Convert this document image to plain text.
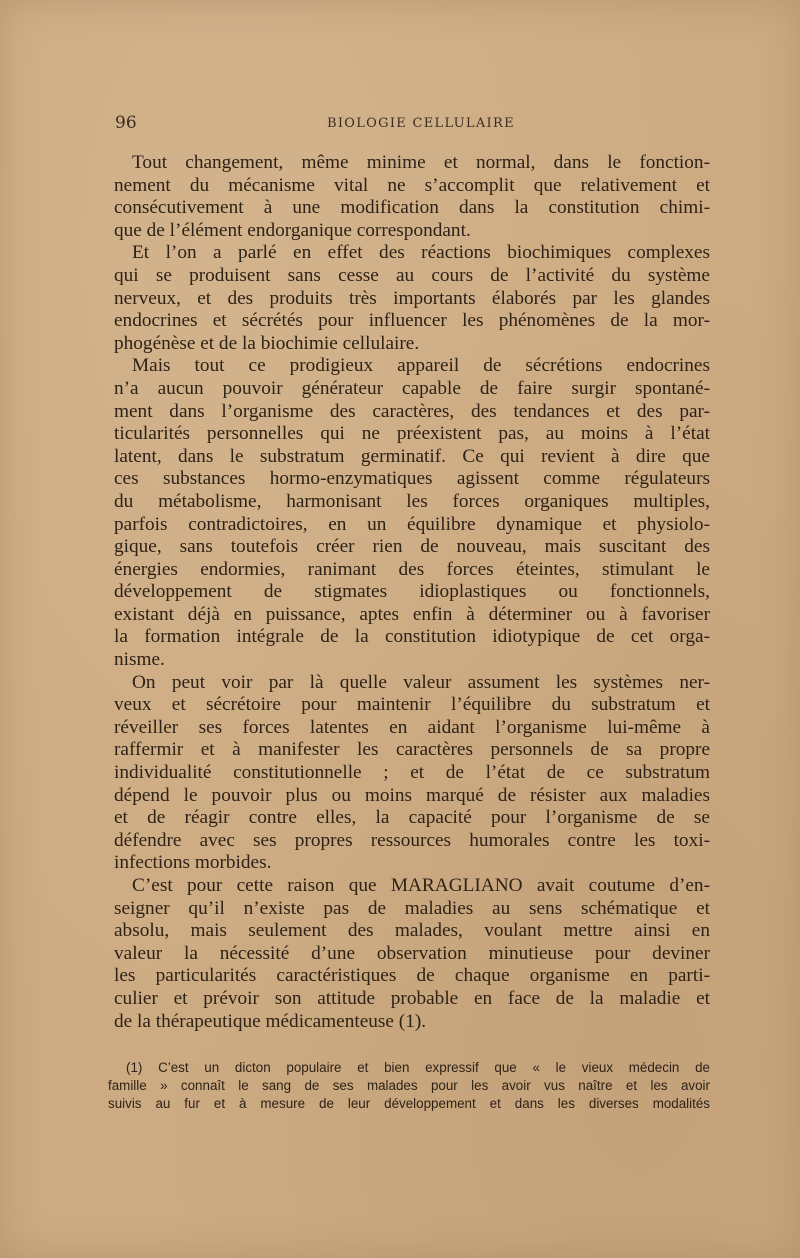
96	BIOLOGIE CELLULAIRE
Tout changement, même minime et normal, dans le fonction-
nement du mécanisme vital ne s’accomplit que relativement et
consécutivement à une modification dans la constitution chimi-
que de l’élément endorganique correspondant.
Et l’on a parlé en effet des réactions biochimiques complexes
qui se produisent sans cesse au cours de l’activité du système
nerveux, et des produits très importants élaborés par les glandes
endocrines et sécrétés pour influencer les phénomènes de la mor-
phogénèse et de la biochimie cellulaire.
Mais tout ce prodigieux appareil de sécrétions endocrines
n’a aucun pouvoir générateur capable de faire surgir spontané-
ment dans l’organisme des caractères, des tendances et des par-
ticularités personnelles qui ne préexistent pas, au moins à l’état
latent, dans le substratum germinatif. Ce qui revient à dire que
ces substances hormo-enzymatiques agissent comme régulateurs
du métabolisme, harmonisant les forces organiques multiples,
parfois contradictoires, en un équilibre dynamique et physiolo-
gique, sans toutefois créer rien de nouveau, mais suscitant des
énergies endormies, ranimant des forces éteintes, stimulant le
développement de stigmates idioplastiques ou fonctionnels,
existant déjà en puissance, aptes enfin à déterminer ou à favoriser
la formation intégrale de la constitution idiotypique de cet orga-
nisme.
On peut voir par là quelle valeur assument les systèmes ner-
veux et sécrétoire pour maintenir l’équilibre du substratum et
réveiller ses forces latentes en aidant l’organisme lui-même à
raffermir et à manifester les caractères personnels de sa propre
individualité constitutionnelle ; et de l’état de ce substratum
dépend le pouvoir plus ou moins marqué de résister aux maladies
et de réagir contre elles, la capacité pour l’organisme de se
défendre avec ses propres ressources humorales contre les toxi-
infections morbides.
C’est pour cette raison que MARAGLIANO avait coutume d’en-
seigner qu’il n’existe pas de maladies au sens schématique et
absolu, mais seulement des malades, voulant mettre ainsi en
valeur la nécessité d’une observation minutieuse pour deviner
les particularités caractéristiques de chaque organisme en parti-
culier et prévoir son attitude probable en face de la maladie et
de la thérapeutique médicamenteuse (1).
(1) C’est un dicton populaire et bien expressif que « le vieux médecin de
famille » connaît le sang de ses malades pour les avoir vus naître et les avoir
suivis au fur et à mesure de leur développement et dans les diverses modalités
